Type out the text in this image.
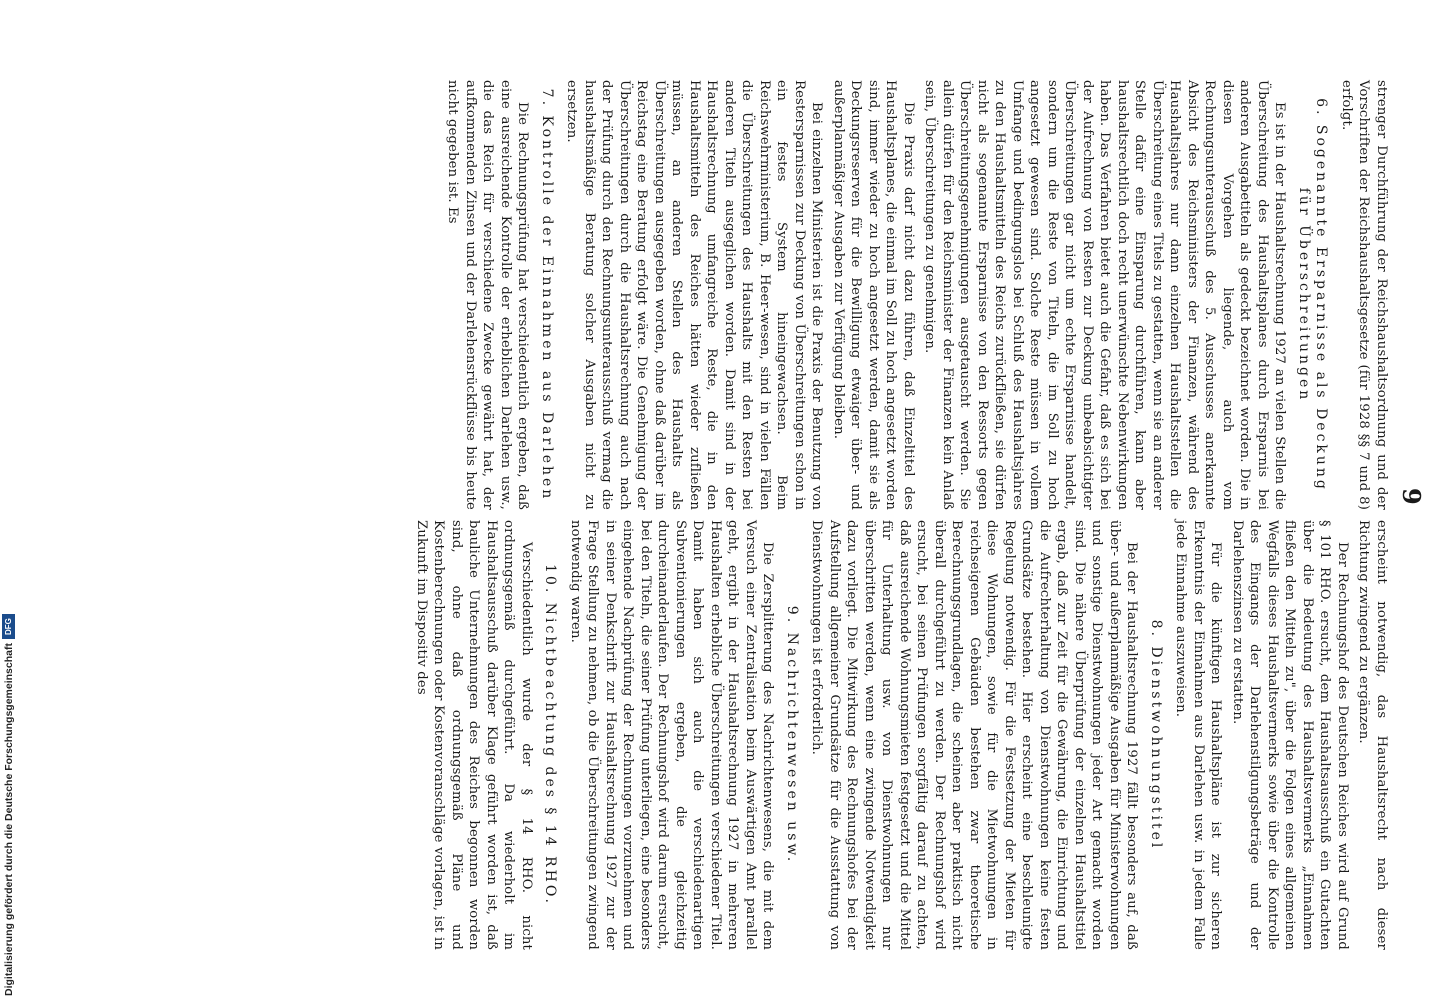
9

strenger Durchführung der Reichshaushaltsordnung und der Vorschriften der Reichshaushaltsgesetze (für 1928 §§ 7 und 8) erfolgt.

6. Sogenannte Ersparnisse als Deckung für Überschreitungen

Es ist in der Haushaltsrechnung 1927 an vielen Stellen die Überschreitung des Haushaltsplanes durch Ersparnis bei anderen Ausgabetiteln als gedeckt bezeichnet worden. Die in diesen Vorgehen liegende, auch vom Rechnungsunterausschuß des 5. Ausschusses anerkannte Absicht des Reichsministers der Finanzen, während des Haushaltsjahres nur dann einzelnen Haushaltsstellen die Überschreitung eines Titels zu gestatten, wenn sie an anderer Stelle dafür eine Einsparung durchführen, kann aber haushaltsrechtlich doch recht unerwünschte Nebenwirkungen haben. Das Verfahren bietet auch die Gefahr, daß es sich bei der Aufrechnung von Resten zur Deckung unbeabsichtigter Überschreitungen gar nicht um echte Ersparnisse handelt, sondern um die Reste von Titeln, die im Soll zu hoch angesetzt gewesen sind. Solche Reste müssen in vollem Umfange und bedingungslos bei Schluß des Haushaltsjahres zu den Haushaltsmitteln des Reichs zurückfließen, sie dürfen nicht als sogenannte Ersparnisse von den Ressorts gegen Überschreitungsgenehmigungen ausgetauscht werden. Sie allein dürfen für den Reichsminister der Finanzen kein Anlaß sein, Überschreitungen zu genehmigen.

Die Praxis darf nicht dazu führen, daß Einzeltitel des Haushaltsplanes, die einmal im Soll zu hoch angesetzt worden sind, immer wieder zu hoch angesetzt werden, damit sie als Deckungsreserven für die Bewilligung etwaiger über- und außerplanmäßiger Ausgaben zur Verfügung bleiben.

Bei einzelnen Ministerien ist die Praxis der Benutzung von Restersparnissen zur Deckung von Überschreitungen schon in ein festes System hineingewachsen. Beim Reichswehrministerium, B. Heer-wesen, sind in vielen Fällen die Überschreitungen des Haushalts mit den Resten bei anderen Titeln ausgeglichen worden. Damit sind in der Haushaltsrechnung umfangreiche Reste, die in den Haushaltsmitteln des Reiches hätten wieder zufließen müssen, an anderen Stellen des Haushalts als Überschreitungen ausgegeben worden, ohne daß darüber im Reichstag eine Beratung erfolgt wäre. Die Genehmigung der Überschreitungen durch die Haushaltsrechnung auch nach der Prüfung durch den Rechnungsunterausschuß vermag die haushaltsmäßige Beratung solcher Ausgaben nicht zu ersetzen.

7. Kontrolle der Einnahmen aus Darlehen

Die Rechnungsprüfung hat verschiedentlich ergeben, daß eine ausreichende Kontrolle der erheblichen Darlehen usw., die das Reich für verschiedene Zwecke gewährt hat, der aufkommenden Zinsen und der Darlehensrückflüsse bis heute nicht gegeben ist. Es

erscheint notwendig, das Haushaltsrecht nach dieser Richtung zwingend zu ergänzen.

Der Rechnungshof des Deutschen Reiches wird auf Grund § 101 RHO. ersucht, dem Haushaltsausschuß ein Gutachten über die Bedeutung des Haushaltsvermerks „Einnahmen fließen den Mitteln zu", über die Folgen eines allgemeinen Wegfalls dieses Haushaltsvermerks sowie über die Kontrolle des Eingangs der Darlehenstilgungsbeträge und der Darlehenszinsen zu erstatten.

Für die künftigen Haushaltspläne ist zur sicheren Erkenntnis der Einnahmen aus Darlehen usw. in jedem Falle jede Einnahme auszuweisen.

8. Dienstwohnungstitel

Bei der Haushaltsrechnung 1927 fällt besonders auf, daß über- und außerplanmäßige Ausgaben für Ministerwohnungen und sonstige Dienstwohnungen jeder Art gemacht worden sind. Die nähere Überprüfung der einzelnen Haushaltstitel ergab, daß zur Zeit für die Gewährung, die Einrichtung und die Aufrechterhaltung von Dienstwohnungen keine festen Grundsätze bestehen. Hier erscheint eine beschleunigte Regelung notwendig. Für die Festsetzung der Mieten für diese Wohnungen, sowie für die Mietwohnungen in reichseigenen Gebäuden bestehen zwar theoretische Berechnungsgrundlagen, die scheinen aber praktisch nicht überall durchgeführt zu werden. Der Rechnungshof wird ersucht, bei seinen Prüfungen sorgfältig darauf zu achten, daß ausreichende Wohnungsmieten festgesetzt und die Mittel für Unterhaltung usw. von Dienstwohnungen nur überschritten werden, wenn eine zwingende Notwendigkeit dazu vorliegt. Die Mitwirkung des Rechnungshofes bei der Aufstellung allgemeiner Grundsätze für die Ausstattung von Dienstwohnungen ist erforderlich.

9. Nachrichtenwesen usw.

Die Zersplitterung des Nachrichtenwesens, die mit dem Versuch einer Zentralisation beim Auswärtigen Amt parallel geht, ergibt in der Haushaltsrechnung 1927 in mehreren Haushalten erhebliche Überschreitungen verschiedener Titel. Damit haben sich auch die verschiedenartigen Subventionierungen ergeben, die gleichzeitig durcheinanderlaufen. Der Rechnungshof wird darum ersucht, bei den Titeln, die seiner Prüfung unterliegen, eine besonders eingehende Nachprüfung der Rechnungen vorzunehmen und in seiner Denkschrift zur Haushaltsrechnung 1927 zur der Frage Stellung zu nehmen, ob die Überschreitungen zwingend notwendig waren.

10. Nichtbeachtung des § 14 RHO.

Verschiedentlich wurde der § 14 RHO. nicht ordnungsgemäß durchgeführt. Da wiederholt im Haushaltsausschuß darüber Klage geführt worden ist, daß bauliche Unternehmungen des Reiches begonnen worden sind, ohne daß ordnungsgemäß Pläne und Kostenberechnungen oder Kostenvoranschläge vorlagen, ist in Zukunft im Dispositiv des

Digitalisierung gefördert durch die Deutsche Forschungsgemeinschaft
DFG
